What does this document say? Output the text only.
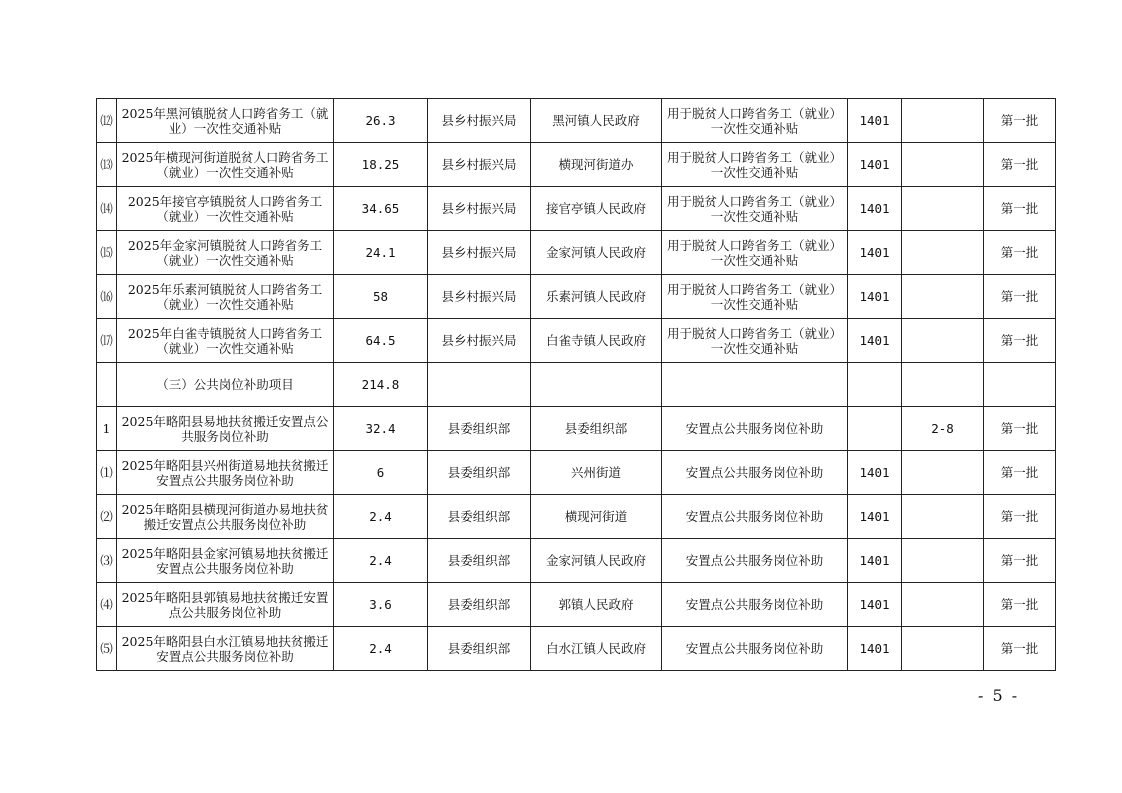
⑿	2025年黑河镇脱贫人口跨省务工（就业）一次性交通补贴	26.3	县乡村振兴局	黑河镇人民政府	用于脱贫人口跨省务工（就业）一次性交通补贴	1401		第一批
⒀	2025年横现河街道脱贫人口跨省务工（就业）一次性交通补贴	18.25	县乡村振兴局	横现河街道办	用于脱贫人口跨省务工（就业）一次性交通补贴	1401		第一批
⒁	2025年接官亭镇脱贫人口跨省务工（就业）一次性交通补贴	34.65	县乡村振兴局	接官亭镇人民政府	用于脱贫人口跨省务工（就业）一次性交通补贴	1401		第一批
⒂	2025年金家河镇脱贫人口跨省务工（就业）一次性交通补贴	24.1	县乡村振兴局	金家河镇人民政府	用于脱贫人口跨省务工（就业）一次性交通补贴	1401		第一批
⒃	2025年乐素河镇脱贫人口跨省务工（就业）一次性交通补贴	58	县乡村振兴局	乐素河镇人民政府	用于脱贫人口跨省务工（就业）一次性交通补贴	1401		第一批
⒄	2025年白雀寺镇脱贫人口跨省务工（就业）一次性交通补贴	64.5	县乡村振兴局	白雀寺镇人民政府	用于脱贫人口跨省务工（就业）一次性交通补贴	1401		第一批
	（三）公共岗位补助项目	214.8						
1	2025年略阳县易地扶贫搬迁安置点公共服务岗位补助	32.4	县委组织部	县委组织部	安置点公共服务岗位补助		2-8	第一批
⑴	2025年略阳县兴州街道易地扶贫搬迁安置点公共服务岗位补助	6	县委组织部	兴州街道	安置点公共服务岗位补助	1401		第一批
⑵	2025年略阳县横现河街道办易地扶贫搬迁安置点公共服务岗位补助	2.4	县委组织部	横现河街道	安置点公共服务岗位补助	1401		第一批
⑶	2025年略阳县金家河镇易地扶贫搬迁安置点公共服务岗位补助	2.4	县委组织部	金家河镇人民政府	安置点公共服务岗位补助	1401		第一批
⑷	2025年略阳县郭镇易地扶贫搬迁安置点公共服务岗位补助	3.6	县委组织部	郭镇人民政府	安置点公共服务岗位补助	1401		第一批
⑸	2025年略阳县白水江镇易地扶贫搬迁安置点公共服务岗位补助	2.4	县委组织部	白水江镇人民政府	安置点公共服务岗位补助	1401		第一批
- 5 -
